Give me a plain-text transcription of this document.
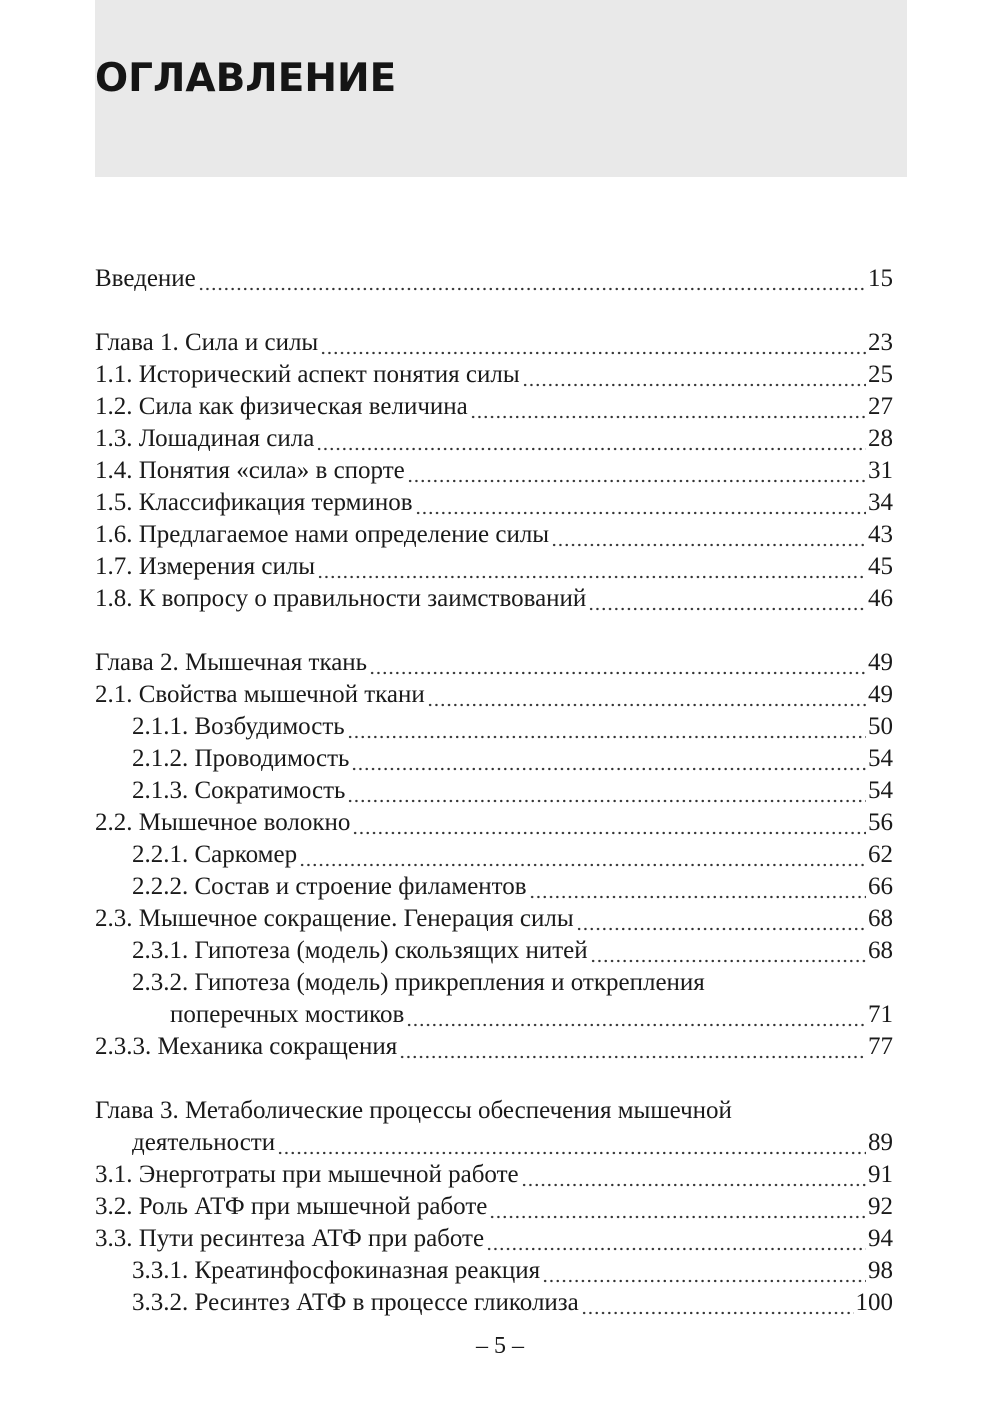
ОГЛАВЛЕНИЕ
Введение	15
Глава 1. Сила и силы	23
1.1. Исторический аспект понятия силы	25
1.2. Сила как физическая величина	27
1.3. Лошадиная сила	28
1.4. Понятия «сила» в спорте	31
1.5. Классификация терминов	34
1.6. Предлагаемое нами определение силы	43
1.7. Измерения силы	45
1.8. К вопросу о правильности заимствований	46
Глава 2. Мышечная ткань	49
2.1. Свойства мышечной ткани	49
2.1.1. Возбудимость	50
2.1.2. Проводимость	54
2.1.3. Сократимость	54
2.2. Мышечное волокно	56
2.2.1. Саркомер	62
2.2.2. Состав и строение филаментов	66
2.3. Мышечное сокращение. Генерация силы	68
2.3.1. Гипотеза (модель) скользящих нитей	68
2.3.2. Гипотеза (модель) прикрепления и открепления
поперечных мостиков	71
2.3.3. Механика сокращения	77
Глава 3. Метаболические процессы обеспечения мышечной
деятельности	89
3.1. Энерготраты при мышечной работе	91
3.2. Роль АТФ при мышечной работе	92
3.3. Пути ресинтеза АТФ при работе	94
3.3.1. Креатинфосфокиназная реакция	98
3.3.2. Ресинтез АТФ в процессе гликолиза	100
– 5 –
